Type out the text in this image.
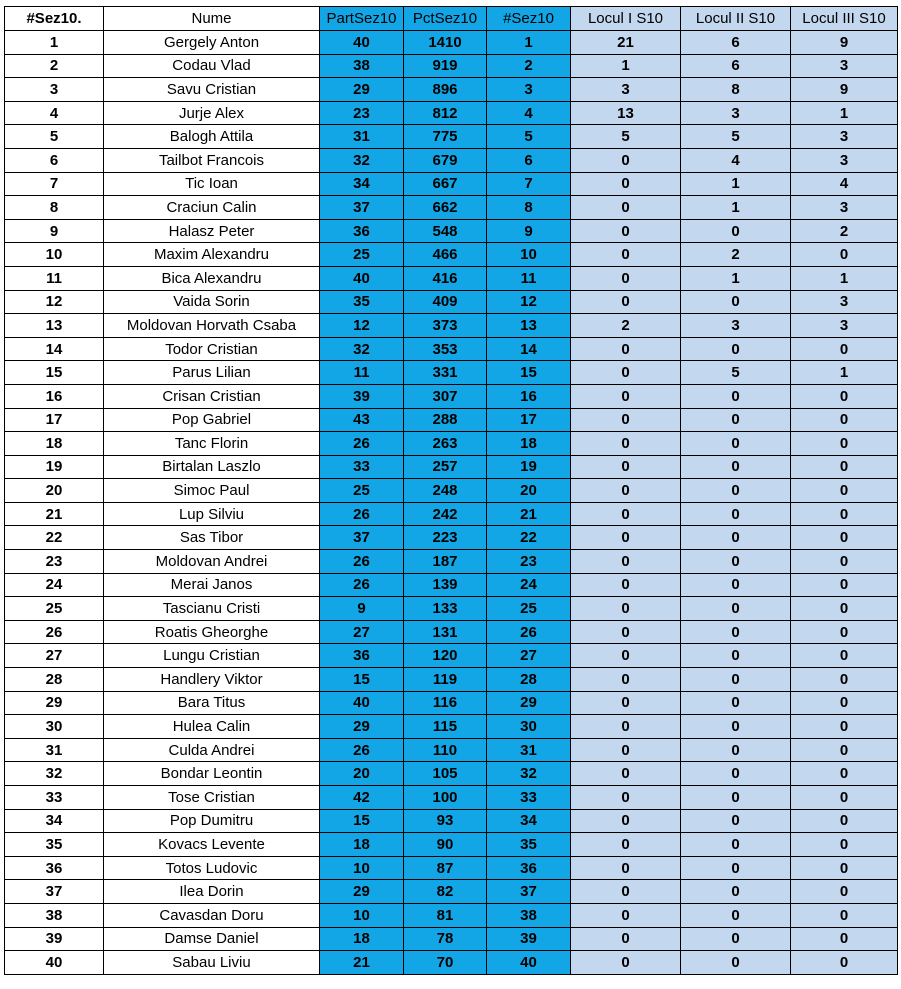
#Sez10.	Nume	PartSez10	PctSez10	#Sez10	Locul I S10	Locul II S10	Locul III S10
1	Gergely Anton	40	1410	1	21	6	9
2	Codau Vlad	38	919	2	1	6	3
3	Savu Cristian	29	896	3	3	8	9
4	Jurje Alex	23	812	4	13	3	1
5	Balogh Attila	31	775	5	5	5	3
6	Tailbot Francois	32	679	6	0	4	3
7	Tic Ioan	34	667	7	0	1	4
8	Craciun Calin	37	662	8	0	1	3
9	Halasz Peter	36	548	9	0	0	2
10	Maxim Alexandru	25	466	10	0	2	0
11	Bica Alexandru	40	416	11	0	1	1
12	Vaida Sorin	35	409	12	0	0	3
13	Moldovan Horvath Csaba	12	373	13	2	3	3
14	Todor Cristian	32	353	14	0	0	0
15	Parus Lilian	11	331	15	0	5	1
16	Crisan Cristian	39	307	16	0	0	0
17	Pop Gabriel	43	288	17	0	0	0
18	Tanc Florin	26	263	18	0	0	0
19	Birtalan Laszlo	33	257	19	0	0	0
20	Simoc Paul	25	248	20	0	0	0
21	Lup Silviu	26	242	21	0	0	0
22	Sas Tibor	37	223	22	0	0	0
23	Moldovan Andrei	26	187	23	0	0	0
24	Merai Janos	26	139	24	0	0	0
25	Tascianu Cristi	9	133	25	0	0	0
26	Roatis Gheorghe	27	131	26	0	0	0
27	Lungu Cristian	36	120	27	0	0	0
28	Handlery Viktor	15	119	28	0	0	0
29	Bara Titus	40	116	29	0	0	0
30	Hulea Calin	29	115	30	0	0	0
31	Culda Andrei	26	110	31	0	0	0
32	Bondar Leontin	20	105	32	0	0	0
33	Tose Cristian	42	100	33	0	0	0
34	Pop Dumitru	15	93	34	0	0	0
35	Kovacs Levente	18	90	35	0	0	0
36	Totos Ludovic	10	87	36	0	0	0
37	Ilea Dorin	29	82	37	0	0	0
38	Cavasdan Doru	10	81	38	0	0	0
39	Damse Daniel	18	78	39	0	0	0
40	Sabau Liviu	21	70	40	0	0	0
